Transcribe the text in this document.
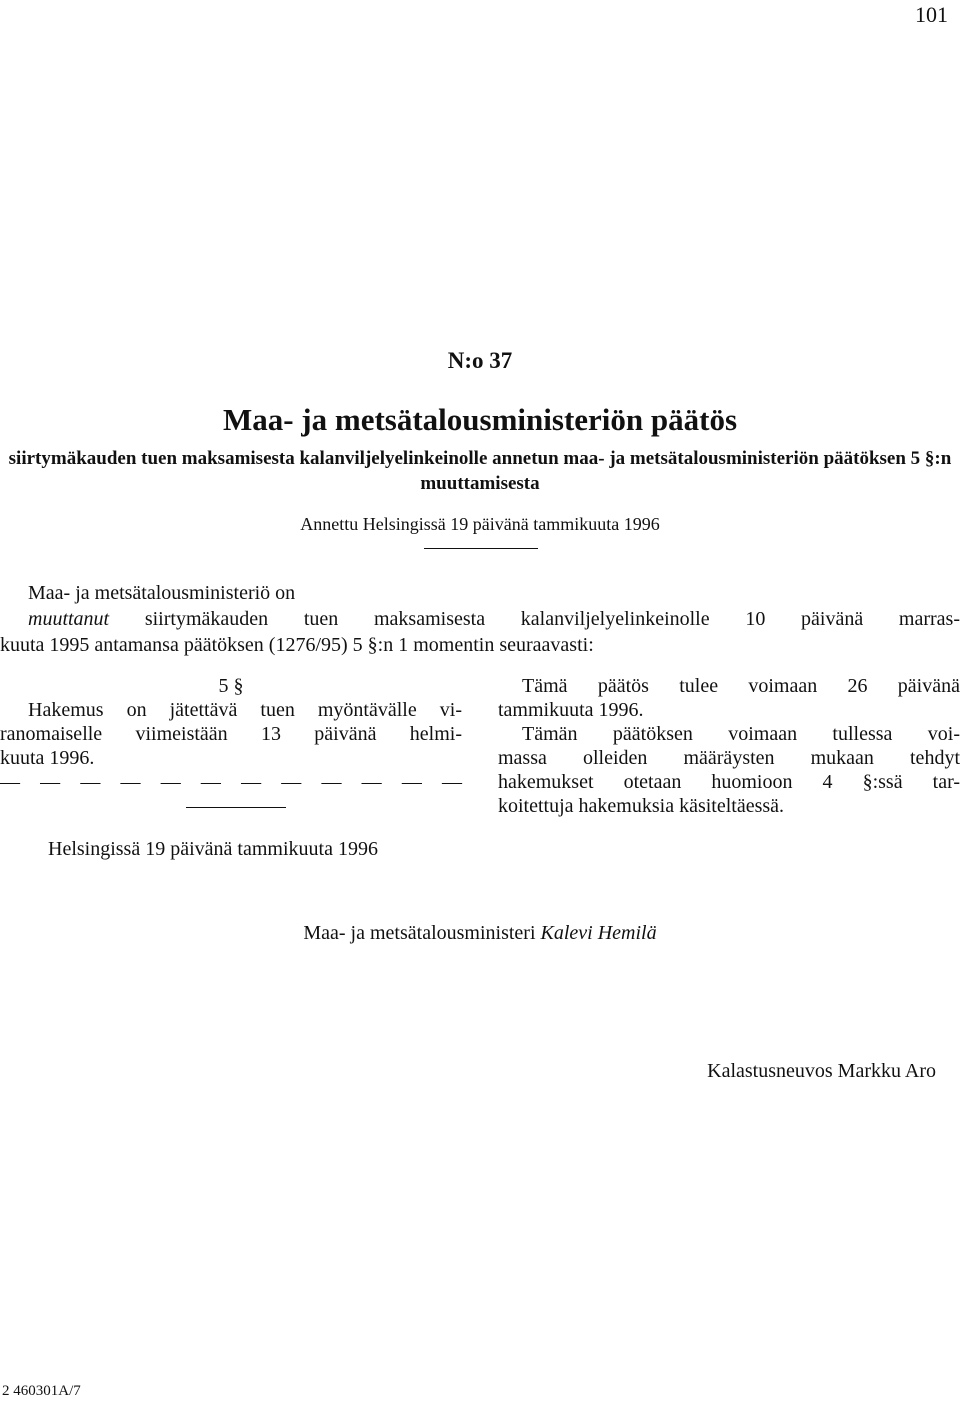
101
N:o 37
Maa- ja metsätalousministeriön päätös
siirtymäkauden tuen maksamisesta kalanviljelyelinkeinolle annetun maa- ja metsätalousministeriön päätöksen 5 §:n muuttamisesta
Annettu Helsingissä 19 päivänä tammikuuta 1996
Maa- ja metsätalousministeriö on
muuttanut siirtymäkauden tuen maksamisesta kalanviljelyelinkeinolle 10 päivänä marras-
kuuta 1995 antamansa päätöksen (1276/95) 5 §:n 1 momentin seuraavasti:
5 §
Hakemus on jätettävä tuen myöntävälle vi-
ranomaiselle viimeistään 13 päivänä helmi-
kuuta 1996.
— — — — — — — — — — — —
Tämä päätös tulee voimaan 26 päivänä
tammikuuta 1996.
Tämän päätöksen voimaan tullessa voi-
massa olleiden määräysten mukaan tehdyt
hakemukset otetaan huomioon 4 §:ssä tar-
koitettuja hakemuksia käsiteltäessä.
Helsingissä 19 päivänä tammikuuta 1996
Maa- ja metsätalousministeri Kalevi Hemilä
Kalastusneuvos Markku Aro
2 460301A/7
